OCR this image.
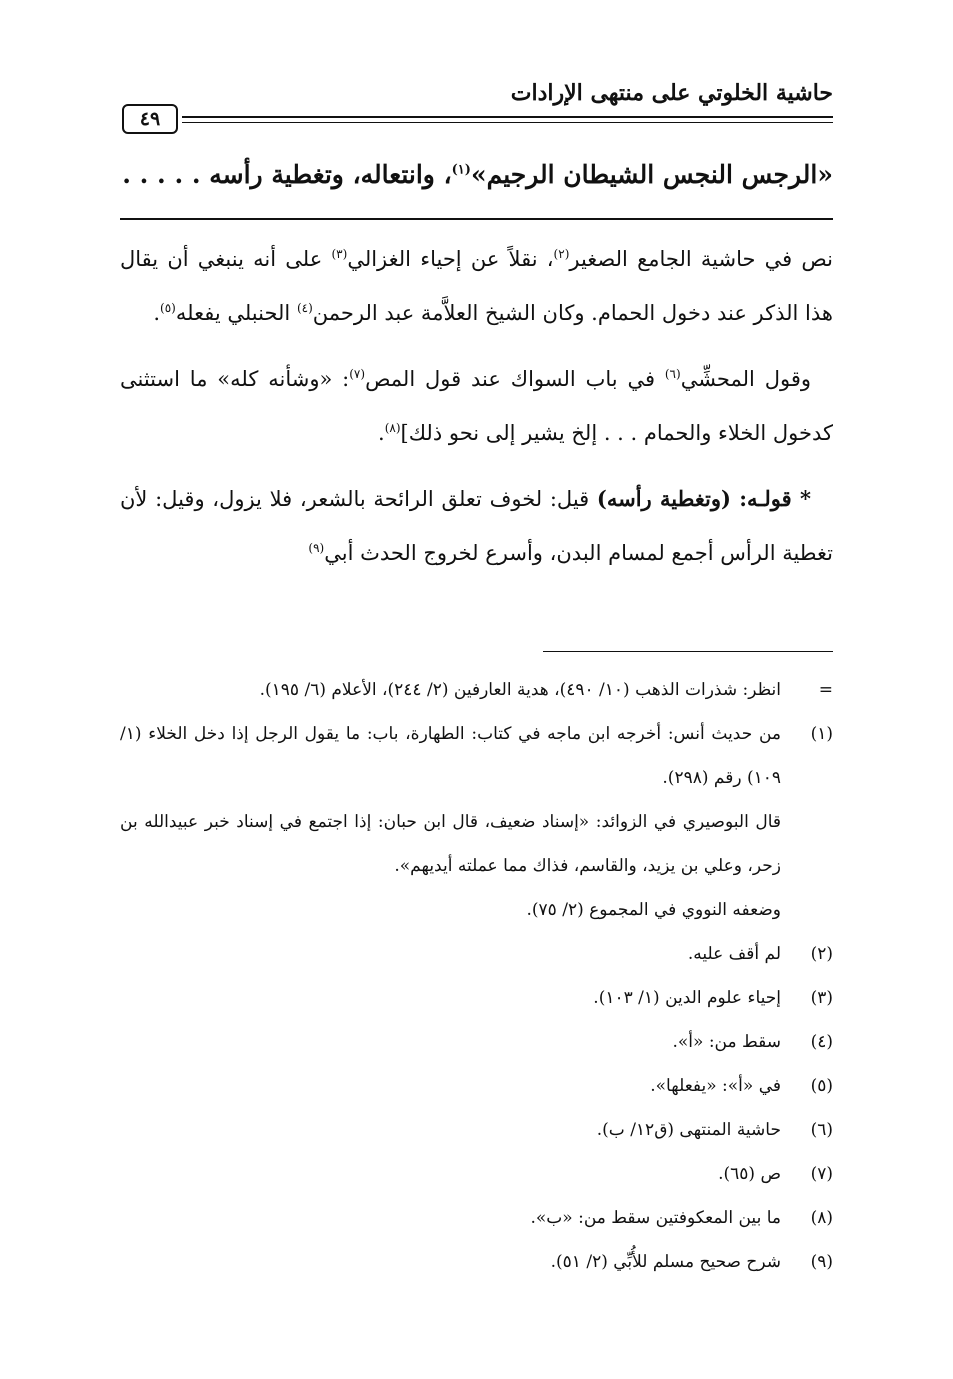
حاشية الخلوتي على منتهى الإرادات
٤٩
«الرجس النجس الشيطان الرجيم»$^{(١)}$، وانتعاله، وتغطية رأسه . . . . .

نص في حاشية الجامع الصغير$^{(٢)}$، نقلاً عن إحياء الغزالي$^{(٣)}$ على أنه ينبغي أن يقال هذا الذكر عند دخول الحمام. وكان الشيخ العلاَّمة عبد الرحمن$^{(٤)}$ الحنبلي يفعله$^{(٥)}$.

وقول المحشِّي$^{(٦)}$ في باب السواك عند قول المص$^{(٧)}$: «وشأنه كله» ما استثنى كدخول الخلاء والحمام . . . إلخ يشير إلى نحو ذلك]$^{(٨)}$.

* قولـه: (وتغطية رأسه) قيل: لخوف تعلق الرائحة بالشعر، فلا يزول، وقيل: لأن تغطية الرأس أجمع لمسام البدن، وأسرع لخروج الحدث أبي$^{(٩)}$

=
انظر: شذرات الذهب (١٠/ ٤٩٠)، هدية العارفين (٢/ ٢٤٤)، الأعلام (٦/ ١٩٥).
(١)
من حديث أنس: أخرجه ابن ماجه في كتاب: الطهارة، باب: ما يقول الرجل إذا دخل الخلاء (١/ ١٠٩) رقم (٢٩٨).
قال البوصيري في الزوائد: «إسناد ضعيف، قال ابن حبان: إذا اجتمع في إسناد خبر عبيدالله بن زحر، وعلي بن يزيد، والقاسم، فذاك مما عملته أيديهم».
وضعفه النووي في المجموع (٢/ ٧٥).
(٢)
لم أقف عليه.
(٣)
إحياء علوم الدين (١/ ١٠٣).
(٤)
سقط من: «أ».
(٥)
في «أ»: «يفعلها».
(٦)
حاشية المنتهى (ق١٢/ ب).
(٧)
ص (٦٥).
(٨)
ما بين المعكوفتين سقط من: «ب».
(٩)
شرح صحيح مسلم للأُبِّي (٢/ ٥١).
